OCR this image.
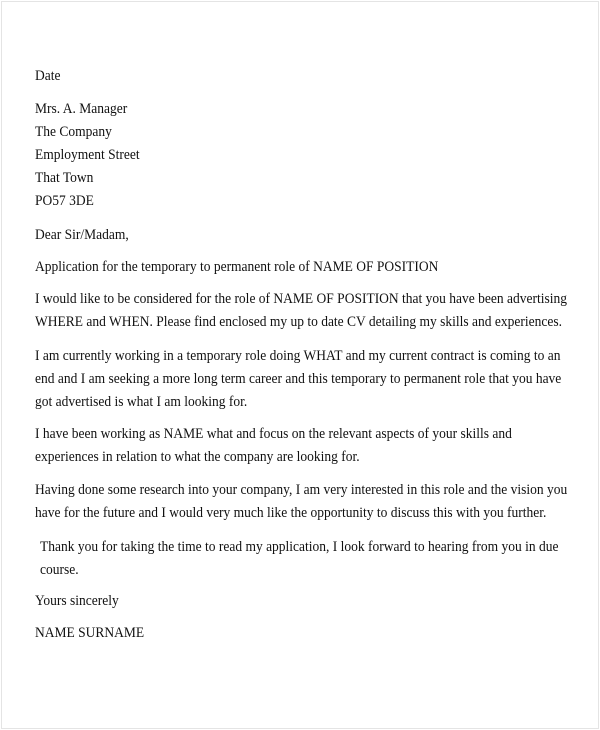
Date

Mrs. A. Manager

The Company

Employment Street

That Town

PO57 3DE

Dear Sir/Madam,

Application for the temporary to permanent role of NAME OF POSITION

I would like to be considered for the role of NAME OF POSITION that you have been advertising

WHERE and WHEN. Please find enclosed my up to date CV detailing my skills and experiences.

I am currently working in a temporary role doing WHAT and my current contract is coming to an

end and I am seeking a more long term career and this temporary to permanent role that you have

got advertised is what I am looking for.

I have been working as NAME what and focus on the relevant aspects of your skills and

experiences in relation to what the company are looking for.

Having done some research into your company, I am very interested in this role and the vision you

have for the future and I would very much like the opportunity to discuss this with you further.

Thank you for taking the time to read my application, I look forward to hearing from you in due

course.

Yours sincerely

NAME SURNAME
